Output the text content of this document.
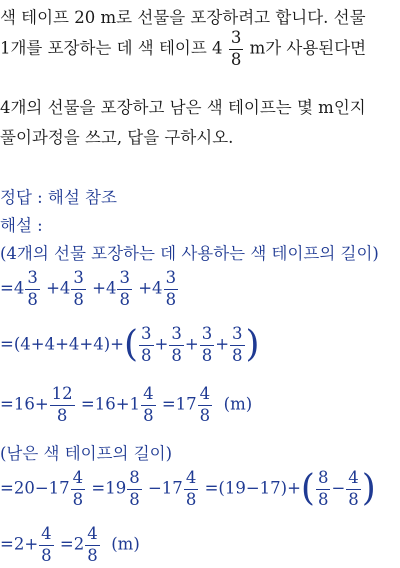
색 테이프 20 m로 선물을 포장하려고 합니다. 선물
1개를 포장하는 데 색 테이프 $4 \frac{3}{8}$ m가 사용된다면
4개의 선물을 포장하고 남은 색 테이프는 몇 m인지
풀이과정을 쓰고, 답을 구하시오.
정답 : 해설 참조
해설 :
(4개의 선물 포장하는 데 사용하는 색 테이프의 길이)
$=4 \frac{3}{8} +4 \frac{3}{8} +4 \frac{3}{8} +4 \frac{3}{8}$
$=(4+4+4+4)+( \frac{3}{8} + \frac{3}{8} + \frac{3}{8} + \frac{3}{8}$ )
$=16+ \frac{12}{8} =16+1 \frac{4}{8} =17 \frac{4}{8} (m)$
(남은 색 테이프의 길이)
$=20-17 \frac{4}{8} =19 \frac{8}{8} -17 \frac{4}{8} =(19-17)+( \frac{8}{8} - \frac{4}{8}$ )
$=2+ \frac{4}{8} =2 \frac{4}{8} (m)$
